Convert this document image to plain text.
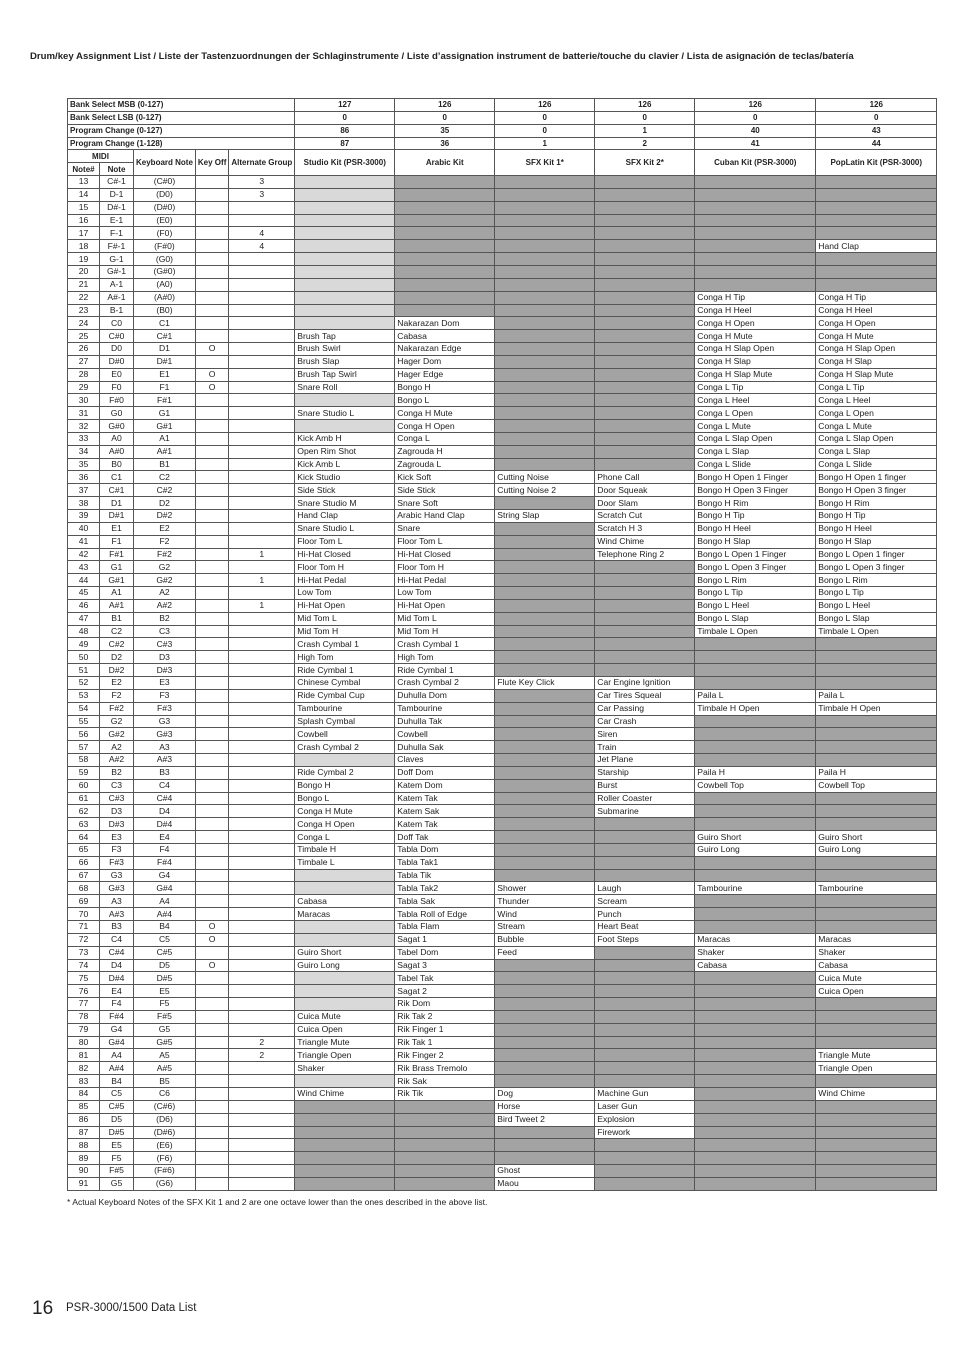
Drum/key Assignment List / Liste der Tastenzuordnungen der Schlaginstrumente / Liste d’assignation instrument de batterie/touche du clavier / Lista de asignación de teclas/batería
Bank Select MSB (0-127)					127	126	126	126	126	126
Bank Select LSB (0-127)					0	0	0	0	0	0
Program Change (0-127)					86	35	0	1	40	43
Program Change (1-128)					87	36	1	2	41	44
MIDI		Keyboard Note	Key Off	Alternate Group	Studio Kit (PSR-3000)	Arabic Kit	SFX Kit 1*	SFX Kit 2*	Cuban Kit (PSR-3000)	PopLatin Kit (PSR-3000)
Note#	Note									
13	C#-1	(C#0)		3						
14	D-1	(D0)		3						
15	D#-1	(D#0)								
16	E-1	(E0)								
17	F-1	(F0)		4						
18	F#-1	(F#0)		4						Hand Clap
19	G-1	(G0)								
20	G#-1	(G#0)								
21	A-1	(A0)								
22	A#-1	(A#0)							Conga H Tip	Conga H Tip
23	B-1	(B0)							Conga H Heel	Conga H Heel
24	C0	C1				Nakarazan Dom			Conga H Open	Conga H Open
25	C#0	C#1			Brush Tap	Cabasa			Conga H Mute	Conga H Mute
26	D0	D1	O		Brush Swirl	Nakarazan Edge			Conga H Slap Open	Conga H Slap Open
27	D#0	D#1			Brush Slap	Hager Dom			Conga H Slap	Conga H Slap
28	E0	E1	O		Brush Tap Swirl	Hager Edge			Conga H Slap Mute	Conga H Slap Mute
29	F0	F1	O		Snare Roll	Bongo H			Conga L Tip	Conga L Tip
30	F#0	F#1				Bongo L			Conga L Heel	Conga L Heel
31	G0	G1			Snare Studio L	Conga H Mute			Conga L Open	Conga L Open
32	G#0	G#1				Conga H Open			Conga L Mute	Conga L Mute
33	A0	A1			Kick Amb H	Conga L			Conga L Slap Open	Conga L Slap Open
34	A#0	A#1			Open Rim Shot	Zagrouda H			Conga L Slap	Conga L Slap
35	B0	B1			Kick Amb L	Zagrouda L			Conga L Slide	Conga L Slide
36	C1	C2			Kick Studio	Kick Soft	Cutting Noise	Phone Call	Bongo H Open 1 Finger	Bongo H Open 1 finger
37	C#1	C#2			Side Stick	Side Stick	Cutting Noise 2	Door Squeak	Bongo H Open 3 Finger	Bongo H Open 3 finger
38	D1	D2			Snare Studio M	Snare Soft		Door Slam	Bongo H Rim	Bongo H Rim
39	D#1	D#2			Hand Clap	Arabic Hand Clap	String Slap	Scratch Cut	Bongo H Tip	Bongo H Tip
40	E1	E2			Snare Studio L	Snare		Scratch H 3	Bongo H Heel	Bongo H Heel
41	F1	F2			Floor Tom L	Floor Tom L		Wind Chime	Bongo H Slap	Bongo H Slap
42	F#1	F#2		1	Hi-Hat Closed	Hi-Hat Closed		Telephone Ring 2	Bongo L Open 1 Finger	Bongo L Open 1 finger
43	G1	G2			Floor Tom H	Floor Tom H			Bongo L Open 3 Finger	Bongo L Open 3 finger
44	G#1	G#2		1	Hi-Hat Pedal	Hi-Hat Pedal			Bongo L Rim	Bongo L Rim
45	A1	A2			Low Tom	Low Tom			Bongo L Tip	Bongo L Tip
46	A#1	A#2		1	Hi-Hat Open	Hi-Hat Open			Bongo L Heel	Bongo L Heel
47	B1	B2			Mid Tom L	Mid Tom L			Bongo L Slap	Bongo L Slap
48	C2	C3			Mid Tom H	Mid Tom H			Timbale L Open	Timbale L Open
49	C#2	C#3			Crash Cymbal 1	Crash Cymbal 1				
50	D2	D3			High Tom	High Tom				
51	D#2	D#3			Ride Cymbal 1	Ride Cymbal 1				
52	E2	E3			Chinese Cymbal	Crash Cymbal 2	Flute Key Click	Car Engine Ignition		
53	F2	F3			Ride Cymbal Cup	Duhulla Dom		Car Tires Squeal	Paila L	Paila L
54	F#2	F#3			Tambourine	Tambourine		Car Passing	Timbale H Open	Timbale H Open
55	G2	G3			Splash Cymbal	Duhulla Tak		Car Crash		
56	G#2	G#3			Cowbell	Cowbell		Siren		
57	A2	A3			Crash Cymbal 2	Duhulla Sak		Train		
58	A#2	A#3				Claves		Jet Plane		
59	B2	B3			Ride Cymbal 2	Doff Dom		Starship	Paila H	Paila H
60	C3	C4			Bongo H	Katem Dom		Burst	Cowbell Top	Cowbell Top
61	C#3	C#4			Bongo L	Katem Tak		Roller Coaster		
62	D3	D4			Conga H Mute	Katem Sak		Submarine		
63	D#3	D#4			Conga H Open	Katem Tak				
64	E3	E4			Conga L	Doff Tak			Guiro Short	Guiro Short
65	F3	F4			Timbale H	Tabla Dom			Guiro Long	Guiro Long
66	F#3	F#4			Timbale L	Tabla Tak1				
67	G3	G4				Tabla Tik				
68	G#3	G#4				Tabla Tak2	Shower	Laugh	Tambourine	Tambourine
69	A3	A4			Cabasa	Tabla Sak	Thunder	Scream		
70	A#3	A#4			Maracas	Tabla Roll of Edge	Wind	Punch		
71	B3	B4	O			Tabla Flam	Stream	Heart Beat		
72	C4	C5	O			Sagat 1	Bubble	Foot Steps	Maracas	Maracas
73	C#4	C#5			Guiro Short	Tabel Dom	Feed		Shaker	Shaker
74	D4	D5	O		Guiro Long	Sagat 3			Cabasa	Cabasa
75	D#4	D#5				Tabel Tak				Cuica Mute
76	E4	E5				Sagat 2				Cuica Open
77	F4	F5				Rik Dom				
78	F#4	F#5			Cuica Mute	Rik Tak 2				
79	G4	G5			Cuica Open	Rik Finger 1				
80	G#4	G#5		2	Triangle Mute	Rik Tak 1				
81	A4	A5		2	Triangle Open	Rik Finger 2				Triangle Mute
82	A#4	A#5			Shaker	Rik Brass Tremolo				Triangle Open
83	B4	B5				Rik Sak				
84	C5	C6			Wind Chime	Rik Tik	Dog	Machine Gun		Wind Chime
85	C#5	(C#6)					Horse	Laser Gun		
86	D5	(D6)					Bird Tweet 2	Explosion		
87	D#5	(D#6)						Firework		
88	E5	(E6)								
89	F5	(F6)								
90	F#5	(F#6)					Ghost			
91	G5	(G6)					Maou			
* Actual Keyboard Notes of the SFX Kit 1 and 2 are one octave lower than the ones described in the above list.
16 PSR-3000/1500 Data List
